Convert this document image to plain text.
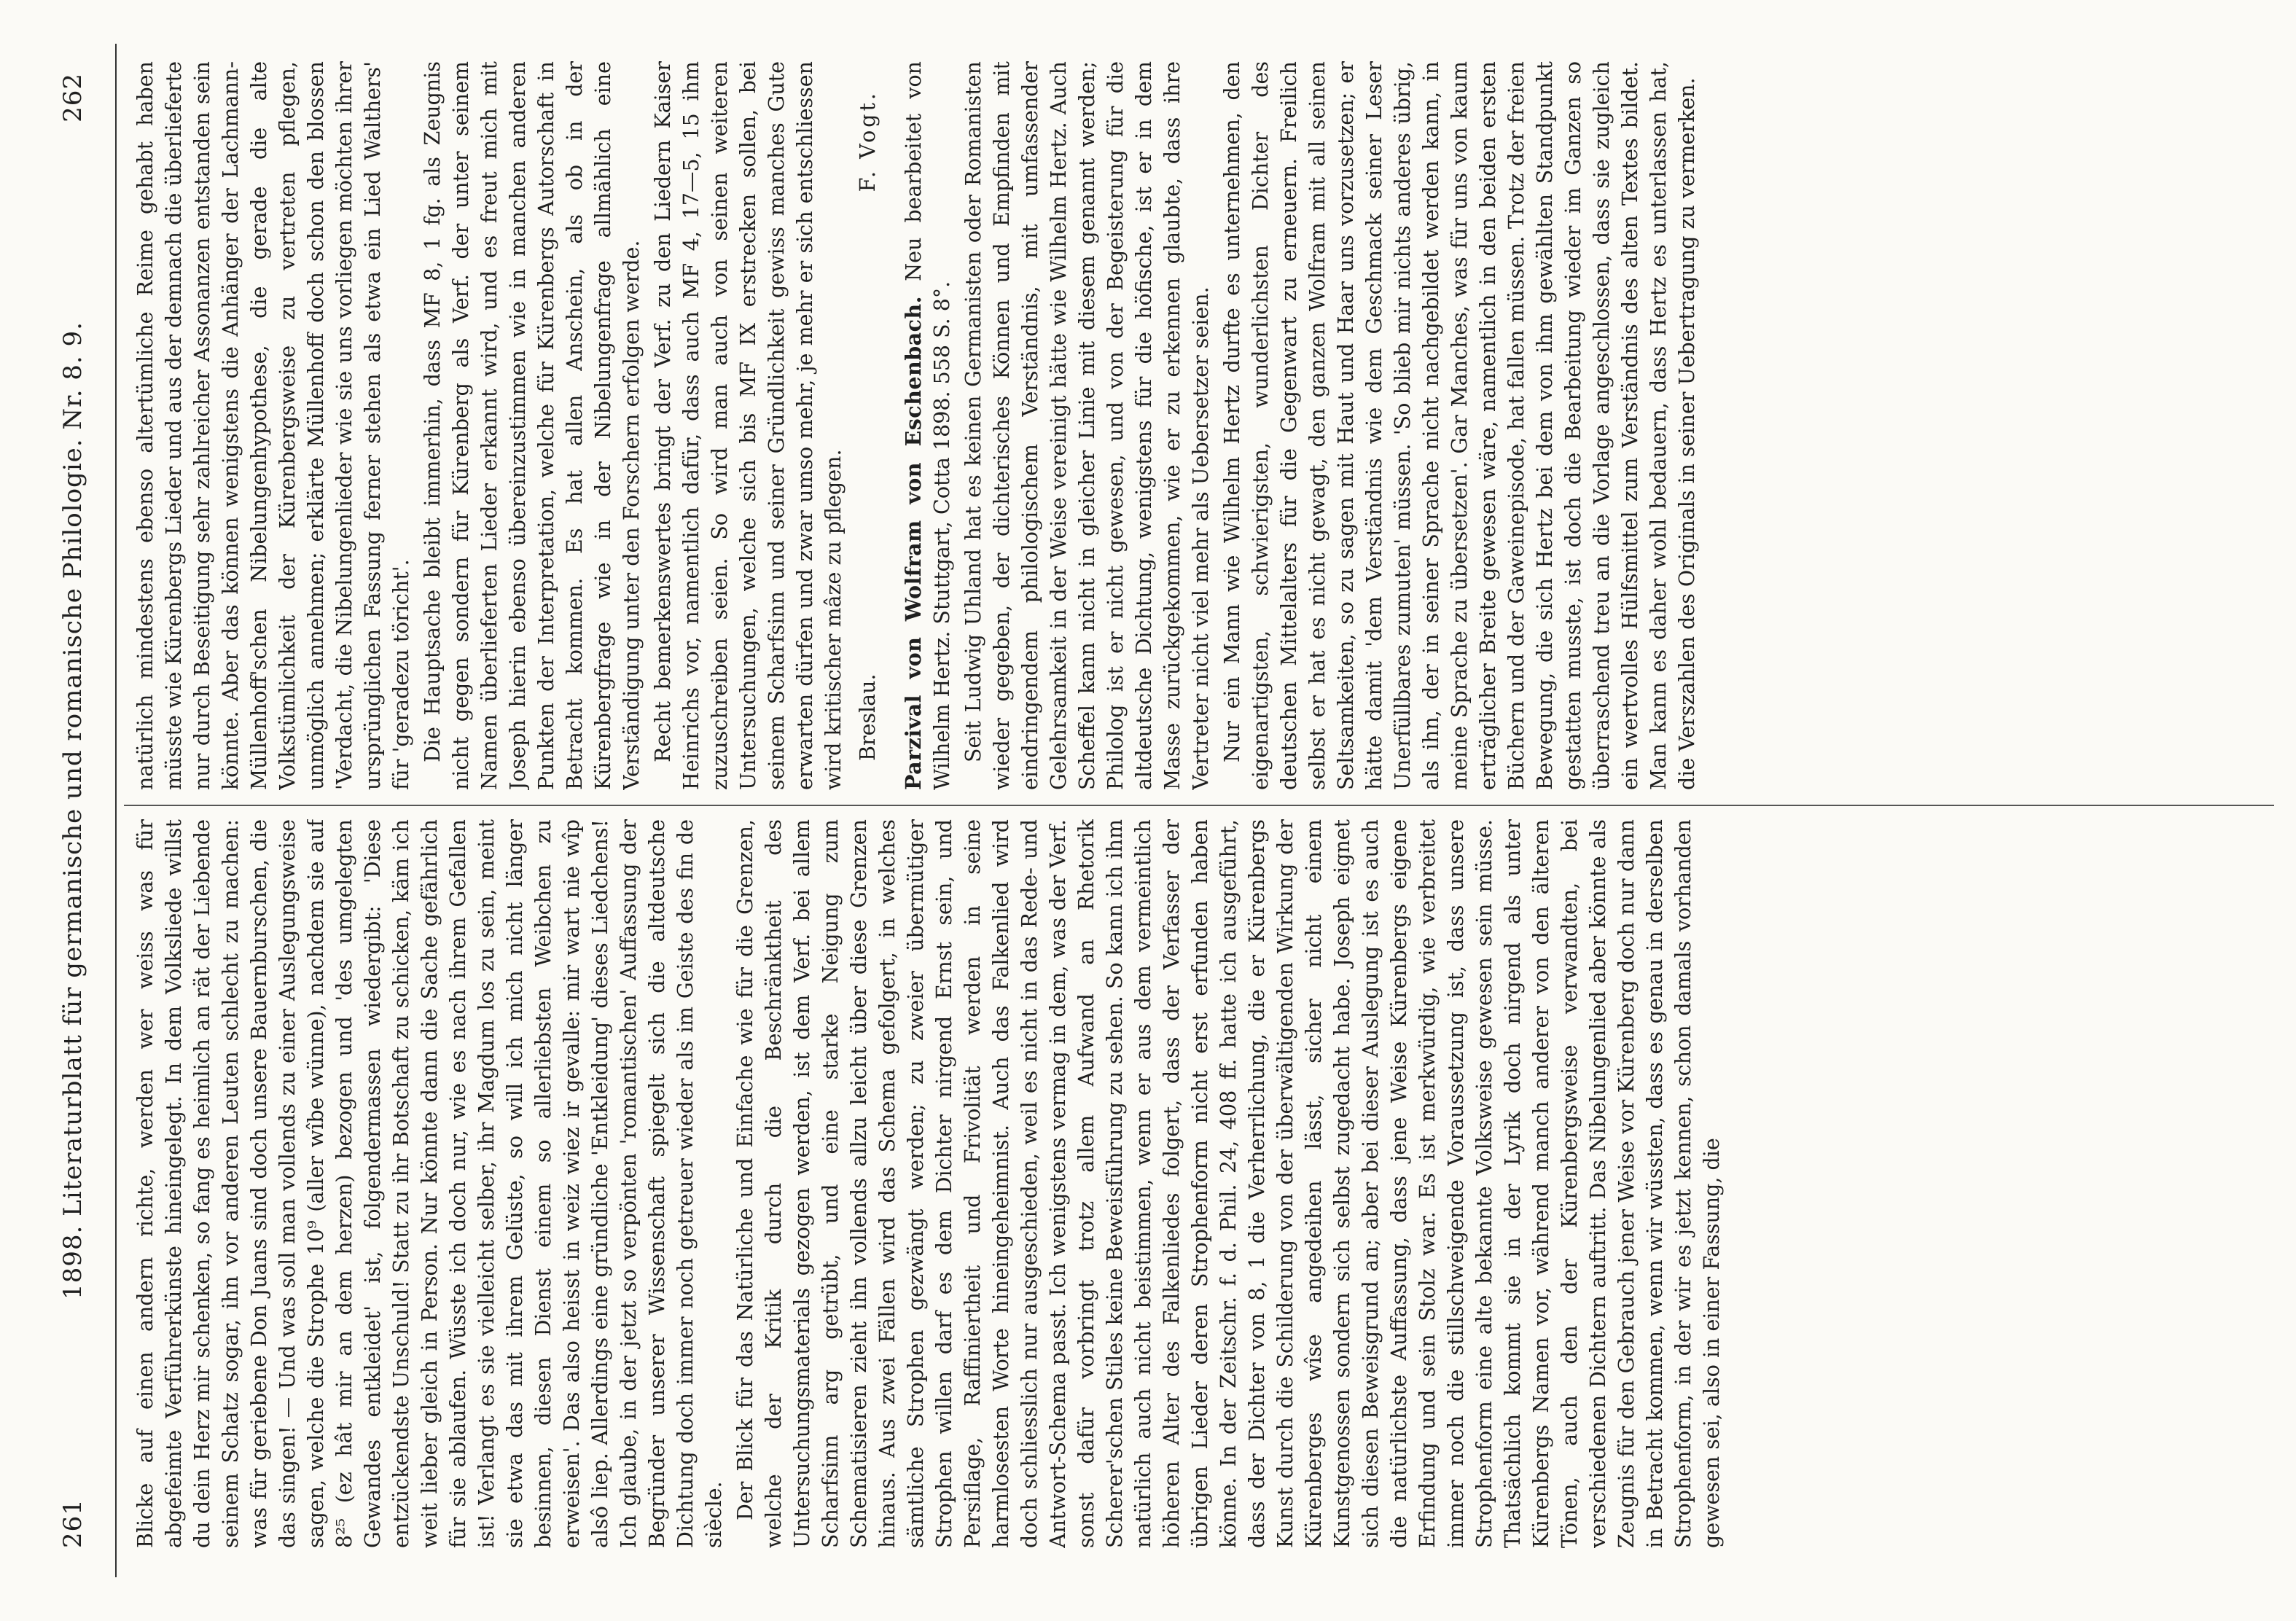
261
1898. Literaturblatt für germanische und romanische Philologie. Nr. 8. 9.
262

Blicke auf einen andern richte, werden wer weiss was für abgefeimte Verführerkünste hineingelegt. In dem Volksliede willst du dein Herz mir schenken, so fang es heimlich an rät der Liebende seinem Schatz sogar, ihn vor anderen Leuten schlecht zu machen: was für geriebene Don Juans sind doch unsere Bauernburschen, die das singen! — Und was soll man vollends zu einer Auslegungsweise sagen, welche die Strophe 10⁹ (aller wîbe wünne), nachdem sie auf 8²⁵ (ez hât mir an dem herzen) bezogen und 'des umgelegten Gewandes entkleidet' ist, folgendermassen wiedergibt: 'Diese entzückendste Unschuld! Statt zu ihr Botschaft zu schicken, käm ich weit lieber gleich in Person. Nur könnte dann die Sache gefährlich für sie ablaufen. Wüsste ich doch nur, wie es nach ihrem Gefallen ist! Verlangt es sie vielleicht selber, ihr Magdum los zu sein, meint sie etwa das mit ihrem Gelüste, so will ich mich nicht länger besinnen, diesen Dienst einem so allerliebsten Weibchen zu erweisen'. Das also heisst in weiz wiez ir gevalle: mir wart nie wîp alsô liep. Allerdings eine gründliche 'Entkleidung' dieses Liedchens! Ich glaube, in der jetzt so verpönten 'romantischen' Auffassung der Begründer unserer Wissenschaft spiegelt sich die altdeutsche Dichtung doch immer noch getreuer wieder als im Geiste des fin de siècle. Der Blick für das Natürliche und Einfache wie für die Grenzen, welche der Kritik durch die Beschränktheit des Untersuchungsmaterials gezogen werden, ist dem Verf. bei allem Scharfsinn arg getrübt, und eine starke Neigung zum Schematisieren zieht ihn vollends allzu leicht über diese Grenzen hinaus. Aus zwei Fällen wird das Schema gefolgert, in welches sämtliche Strophen gezwängt werden; zu zweier übermütiger Strophen willen darf es dem Dichter nirgend Ernst sein, und Persiflage, Raffiniertheit und Frivolität werden in seine harmlosesten Worte hineingeheimnist. Auch das Falkenlied wird doch schliesslich nur ausgeschieden, weil es nicht in das Rede- und Antwort-Schema passt. Ich wenigstens vermag in dem, was der Verf. sonst dafür vorbringt trotz allem Aufwand an Rhetorik Scherer'schen Stiles keine Beweisführung zu sehen. So kann ich ihm natürlich auch nicht beistimmen, wenn er aus dem vermeintlich höheren Alter des Falkenliedes folgert, dass der Verfasser der übrigen Lieder deren Strophenform nicht erst erfunden haben könne. In der Zeitschr. f. d. Phil. 24, 408 ff. hatte ich ausgeführt, dass der Dichter von 8, 1 die Verherrlichung, die er Kürenbergs Kunst durch die Schilderung von der überwältigenden Wirkung der Kürenberges wîse angedeihen lässt, sicher nicht einem Kunstgenossen sondern sich selbst zugedacht habe. Joseph eignet sich diesen Beweisgrund an; aber bei dieser Auslegung ist es auch die natürlichste Auffassung, dass jene Weise Kürenbergs eigene Erfindung und sein Stolz war. Es ist merkwürdig, wie verbreitet immer noch die stillschweigende Voraussetzung ist, dass unsere Strophenform eine alte bekannte Volksweise gewesen sein müsse. Thatsächlich kommt sie in der Lyrik doch nirgend als unter Kürenbergs Namen vor, während manch anderer von den älteren Tönen, auch den der Kürenbergsweise verwandten, bei verschiedenen Dichtern auftritt. Das Nibelungenlied aber könnte als Zeugnis für den Gebrauch jener Weise vor Kürenberg doch nur dann in Betracht kommen, wenn wir wüssten, dass es genau in derselben Strophenform, in der wir es jetzt kennen, schon damals vorhanden gewesen sei, also in einer Fassung, die

natürlich mindestens ebenso altertümliche Reime gehabt haben müsste wie Kürenbergs Lieder und aus der demnach die überlieferte nur durch Beseitigung sehr zahlreicher Assonanzen entstanden sein könnte. Aber das können wenigstens die Anhänger der Lachmann-Müllenhoff'schen Nibelungenhypothese, die gerade die alte Volkstümlichkeit der Kürenbergsweise zu vertreten pflegen, unmöglich annehmen; erklärte Müllenhoff doch schon den blossen 'Verdacht, die Nibelungenlieder wie sie uns vorliegen möchten ihrer ursprünglichen Fassung ferner stehen als etwa ein Lied Walthers' für 'geradezu töricht'. Die Hauptsache bleibt immerhin, dass MF 8, 1 fg. als Zeugnis nicht gegen sondern für Kürenberg als Verf. der unter seinem Namen überlieferten Lieder erkannt wird, und es freut mich mit Joseph hierin ebenso übereinzustimmen wie in manchen anderen Punkten der Interpretation, welche für Kürenbergs Autorschaft in Betracht kommen. Es hat allen Anschein, als ob in der Kürenbergfrage wie in der Nibelungenfrage allmählich eine Verständigung unter den Forschern erfolgen werde. Recht bemerkenswertes bringt der Verf. zu den Liedern Kaiser Heinrichs vor, namentlich dafür, dass auch MF 4, 17—5, 15 ihm zuzuschreiben seien. So wird man auch von seinen weiteren Untersuchungen, welche sich bis MF IX erstrecken sollen, bei seinem Scharfsinn und seiner Gründlichkeit gewiss manches Gute erwarten dürfen und zwar umso mehr, je mehr er sich entschliessen wird kritischer mâze zu pflegen. Breslau.
F. Vogt.

Parzival von Wolfram von Eschenbach. Neu bearbeitet von Wilhelm Hertz. Stuttgart, Cotta 1898. 558 S. 8°. Seit Ludwig Uhland hat es keinen Germanisten oder Romanisten wieder gegeben, der dichterisches Können und Empfinden mit eindringendem philologischem Verständnis, mit umfassender Gelehrsamkeit in der Weise vereinigt hätte wie Wilhelm Hertz. Auch Scheffel kann nicht in gleicher Linie mit diesem genannt werden; Philolog ist er nicht gewesen, und von der Begeisterung für die altdeutsche Dichtung, wenigstens für die höfische, ist er in dem Masse zurückgekommen, wie er zu erkennen glaubte, dass ihre Vertreter nicht viel mehr als Uebersetzer seien. Nur ein Mann wie Wilhelm Hertz durfte es unternehmen, den eigenartigsten, schwierigsten, wunderlichsten Dichter des deutschen Mittelalters für die Gegenwart zu erneuern. Freilich selbst er hat es nicht gewagt, den ganzen Wolfram mit all seinen Seltsamkeiten, so zu sagen mit Haut und Haar uns vorzusetzen; er hätte damit 'dem Verständnis wie dem Geschmack seiner Leser Unerfüllbares zumuten' müssen. 'So blieb mir nichts anderes übrig, als ihn, der in seiner Sprache nicht nachgebildet werden kann, in meine Sprache zu übersetzen'. Gar Manches, was für uns von kaum erträglicher Breite gewesen wäre, namentlich in den beiden ersten Büchern und der Gaweinepisode, hat fallen müssen. Trotz der freien Bewegung, die sich Hertz bei dem von ihm gewählten Standpunkt gestatten musste, ist doch die Bearbeitung wieder im Ganzen so überraschend treu an die Vorlage angeschlossen, dass sie zugleich ein wertvolles Hülfsmittel zum Verständnis des alten Textes bildet. Man kann es daher wohl bedauern, dass Hertz es unterlassen hat, die Verszahlen des Originals in seiner Uebertragung zu vermerken.
